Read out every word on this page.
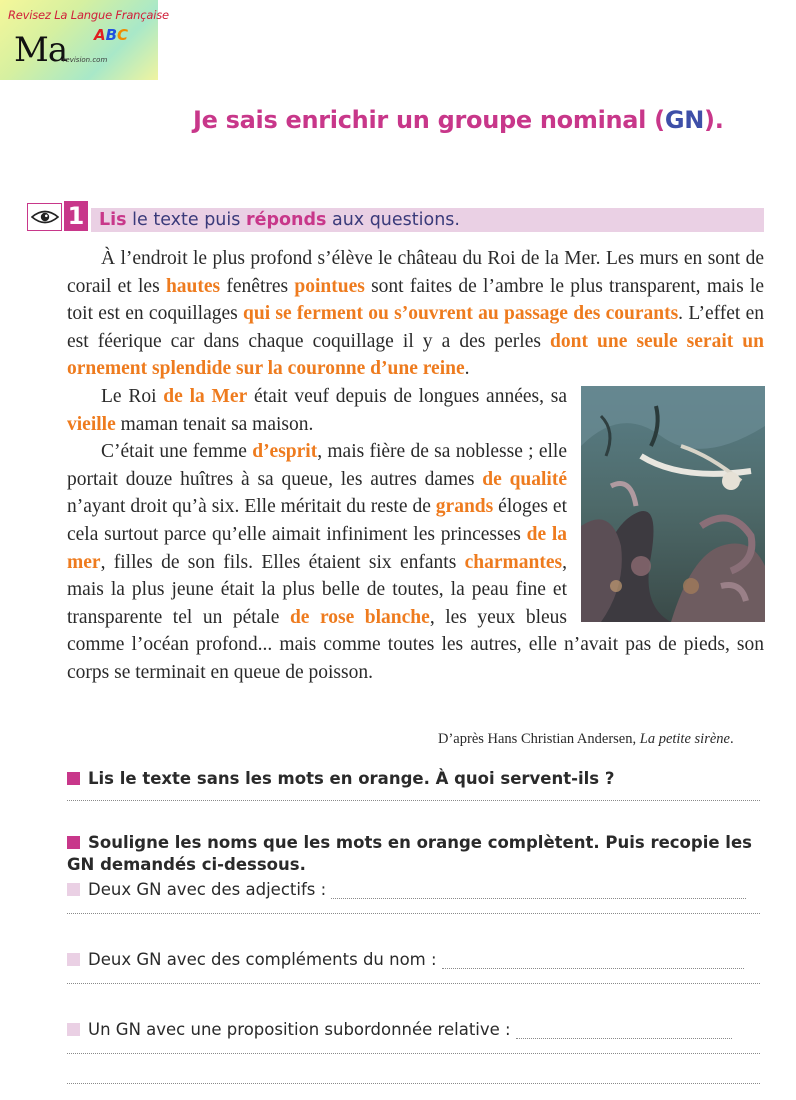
Revisez La Langue Française
Ma ABC
-revision.com
Je sais enrichir un groupe nominal (GN).
1 Lis le texte puis réponds aux questions.

À l’endroit le plus profond s’élève le château du Roi de la Mer. Les murs en sont de corail et les hautes fenêtres pointues sont faites de l’ambre le plus transparent, mais le toit est en coquillages qui se ferment ou s’ouvrent au passage des courants. L’effet en est féerique car dans chaque coquillage il y a des perles dont une seule serait un ornement splendide sur la couronne d’une reine.

Le Roi de la Mer était veuf depuis de longues années, sa vieille maman tenait sa maison.

C’était une femme d’esprit, mais fière de sa noblesse ; elle portait douze huîtres à sa queue, les autres dames de qualité n’ayant droit qu’à six. Elle méritait du reste de grands éloges et cela surtout parce qu’elle aimait infiniment les princesses de la mer, filles de son fils. Elles étaient six enfants charmantes, mais la plus jeune était la plus belle de toutes, la peau fine et transparente tel un pétale de rose blanche, les yeux bleus comme l’océan profond... mais comme toutes les autres, elle n’avait pas de pieds, son corps se terminait en queue de poisson.

D’après Hans Christian Andersen, La petite sirène.
Lis le texte sans les mots en orange. À quoi servent-ils ?
Souligne les noms que les mots en orange complètent. Puis recopie les GN demandés ci-dessous.
Deux GN avec des adjectifs :
Deux GN avec des compléments du nom :
Un GN avec une proposition subordonnée relative :
